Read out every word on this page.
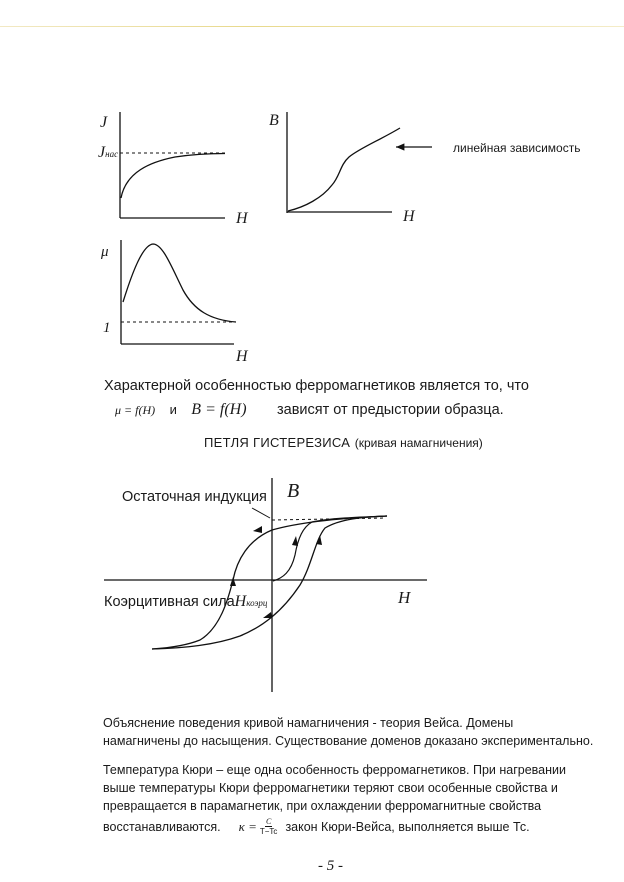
J
Jнас
H
B
H
линейная зависимость
μ
1
H
Характерной особенностью ферромагнетиков является то, что
μ = f(H) и B = f(H) зависят от предыстории образца.
ПЕТЛЯ ГИСТЕРЕЗИСА (кривая намагничения)
Остаточная индукция B
H
Коэрцитивная силаHкоэрц
Объяснение поведения кривой намагничения - теория Вейса. Домены
намагничены до насыщения. Существование доменов доказано экспериментально.
Температура Кюри – еще одна особенность ферромагнетиков. При нагревании
выше температуры Кюри ферромагнетики теряют свои особенные свойства и
превращается в парамагнетик, при охлаждении ферромагнитные свойства
восстанавливаются. $\kappa = \frac{C}{T-Tc}$ закон Кюри-Вейса, выполняется выше Тс.
- 5 -
